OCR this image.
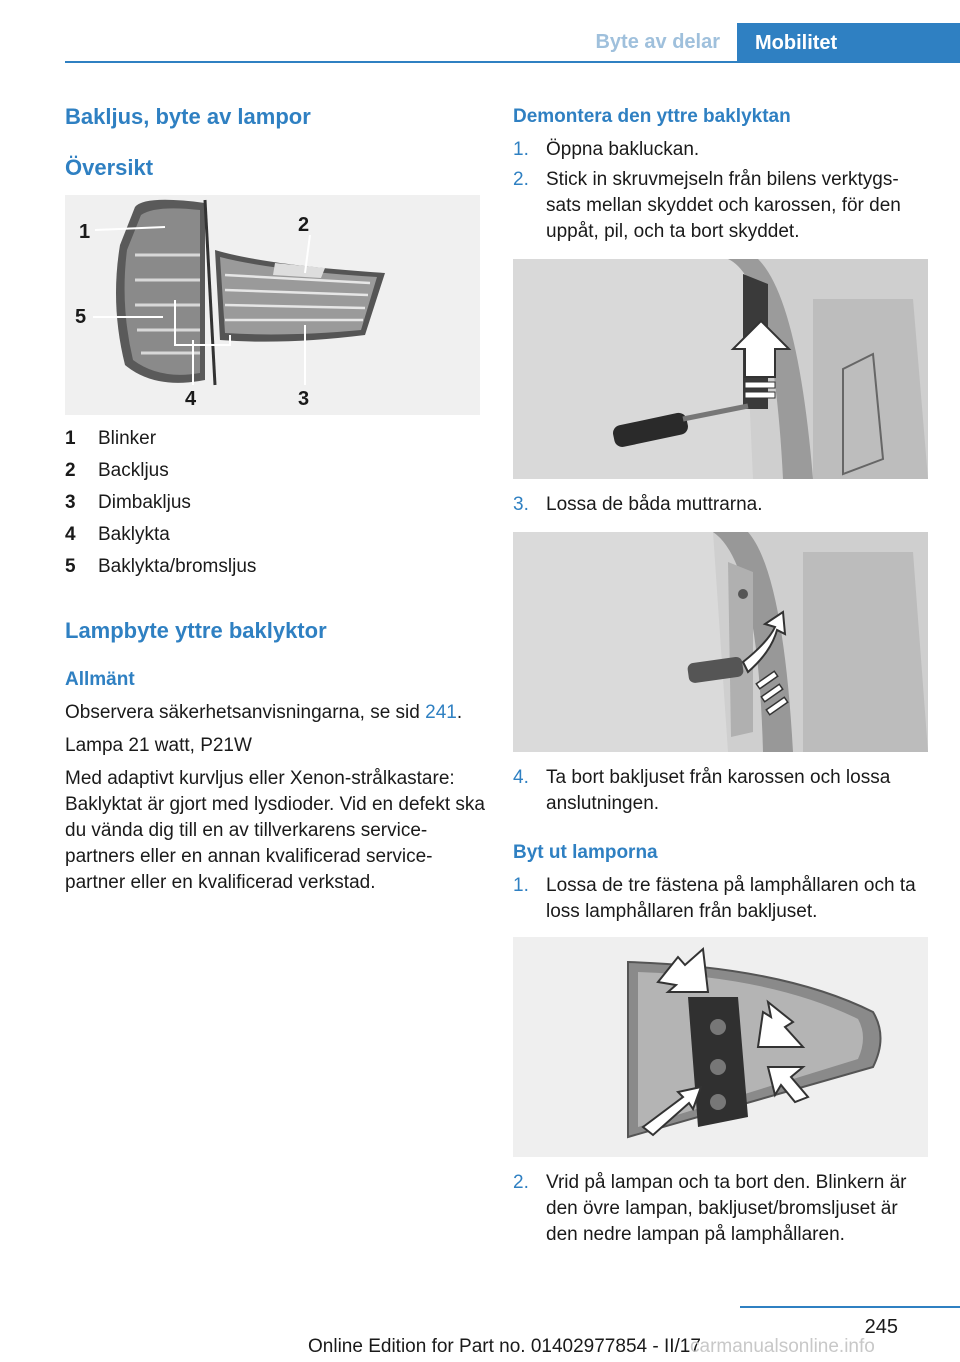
Byte av delar	Mobilitet
Bakljus, byte av lampor
Översikt
1	2
3
4
5
1 Blinker
2 Backljus
3 Dimbakljus
4 Baklykta
5 Baklykta/bromsljus
Lampbyte yttre baklyktor
Allmänt
Observera säkerhetsanvisningarna, se sid 241.
Lampa 21 watt, P21W
Med adaptivt kurvljus eller Xenon-strålkastare: Baklyktat är gjort med lysdioder. Vid en defekt ska du vända dig till en av tillverkarens service-partners eller en annan kvalificerad service-partner eller en kvalificerad verkstad.
Demontera den yttre baklyktan
1. Öppna bakluckan.
2. Stick in skruvmejseln från bilens verktygs-sats mellan skyddet och karossen, för den uppåt, pil, och ta bort skyddet.
3. Lossa de båda muttrarna.
4. Ta bort bakljuset från karossen och lossa anslutningen.
Byt ut lamporna
1. Lossa de tre fästena på lamphållaren och ta loss lamphållaren från bakljuset.
2. Vrid på lampan och ta bort den. Blinkern är den övre lampan, bakljuset/bromsljuset är den nedre lampan på lamphållaren.
245
Online Edition for Part no. 01402977854 - II/17
carmanualsonline.info
